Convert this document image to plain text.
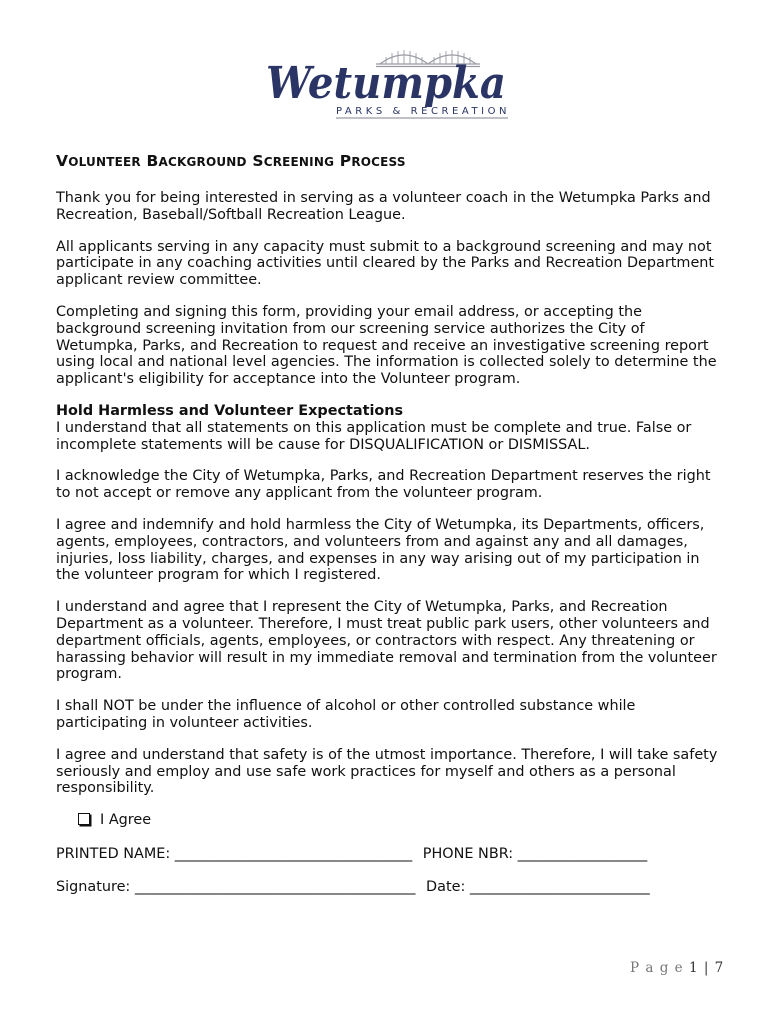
Wetumpka
PARKS & RECREATION
VOLUNTEER BACKGROUND SCREENING PROCESS

Thank you for being interested in serving as a volunteer coach in the Wetumpka Parks and Recreation, Baseball/Softball Recreation League.

All applicants serving in any capacity must submit to a background screening and may not participate in any coaching activities until cleared by the Parks and Recreation Department applicant review committee.

Completing and signing this form, providing your email address, or accepting the background screening invitation from our screening service authorizes the City of Wetumpka, Parks, and Recreation to request and receive an investigative screening report using local and national level agencies. The information is collected solely to determine the applicant's eligibility for acceptance into the Volunteer program.

Hold Harmless and Volunteer Expectations

I understand that all statements on this application must be complete and true. False or incomplete statements will be cause for DISQUALIFICATION or DISMISSAL.

I acknowledge the City of Wetumpka, Parks, and Recreation Department reserves the right to not accept or remove any applicant from the volunteer program.

I agree and indemnify and hold harmless the City of Wetumpka, its Departments, officers, agents, employees, contractors, and volunteers from and against any and all damages, injuries, loss liability, charges, and expenses in any way arising out of my participation in the volunteer program for which I registered.

I understand and agree that I represent the City of Wetumpka, Parks, and Recreation Department as a volunteer. Therefore, I must treat public park users, other volunteers and department officials, agents, employees, or contractors with respect. Any threatening or harassing behavior will result in my immediate removal and termination from the volunteer program.

I shall NOT be under the influence of alcohol or other controlled substance while participating in volunteer activities.

I agree and understand that safety is of the utmost importance. Therefore, I will take safety seriously and employ and use safe work practices for myself and others as a personal responsibility.

I Agree
PRINTED NAME: _________________________________ PHONE NBR: __________________
Signature: _______________________________________ Date: _________________________
P a g e 1 | 7
